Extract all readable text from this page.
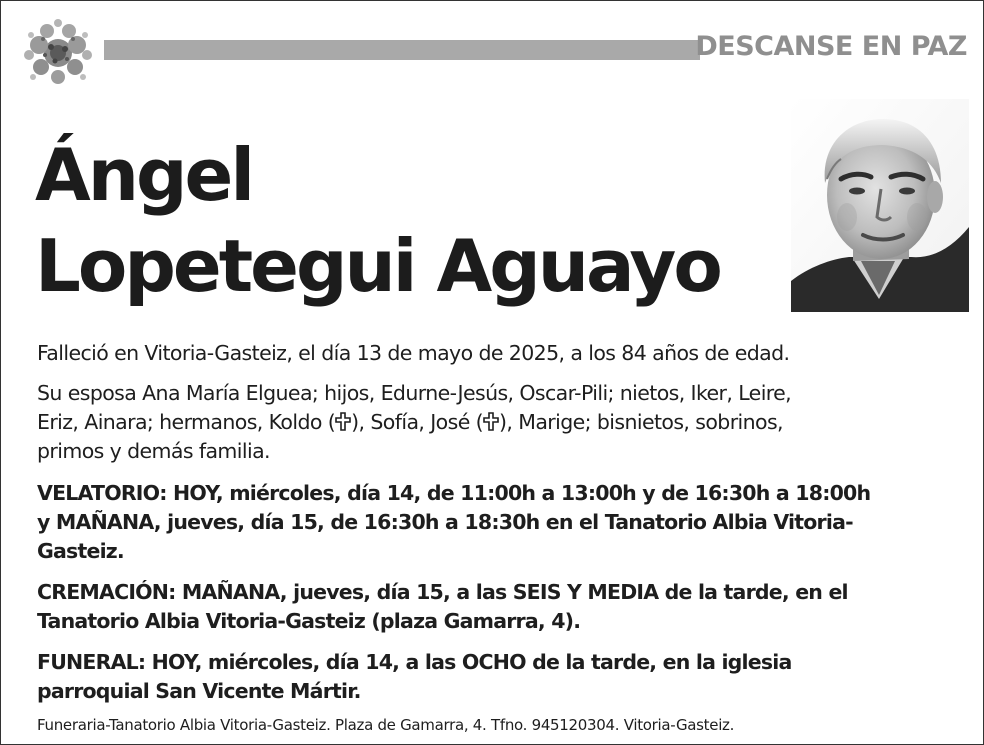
DESCANSE EN PAZ
Ángel
Lopetegui Aguayo
Falleció en Vitoria-Gasteiz, el día 13 de mayo de 2025, a los 84 años de edad.
Su esposa Ana María Elguea; hijos, Edurne-Jesús, Oscar-Pili; nietos, Iker, Leire,
Eriz, Ainara; hermanos, Koldo ( ), Sofía, José ( ), Marige; bisnietos, sobrinos,
primos y demás familia.
VELATORIO: HOY, miércoles, día 14, de 11:00h a 13:00h y de 16:30h a 18:00h
y MAÑANA, jueves, día 15, de 16:30h a 18:30h en el Tanatorio Albia Vitoria-
Gasteiz.
CREMACIÓN: MAÑANA, jueves, día 15, a las SEIS Y MEDIA de la tarde, en el
Tanatorio Albia Vitoria-Gasteiz (plaza Gamarra, 4).
FUNERAL: HOY, miércoles, día 14, a las OCHO de la tarde, en la iglesia
parroquial San Vicente Mártir.
Funeraria-Tanatorio Albia Vitoria-Gasteiz. Plaza de Gamarra, 4. Tfno. 945120304. Vitoria-Gasteiz.
